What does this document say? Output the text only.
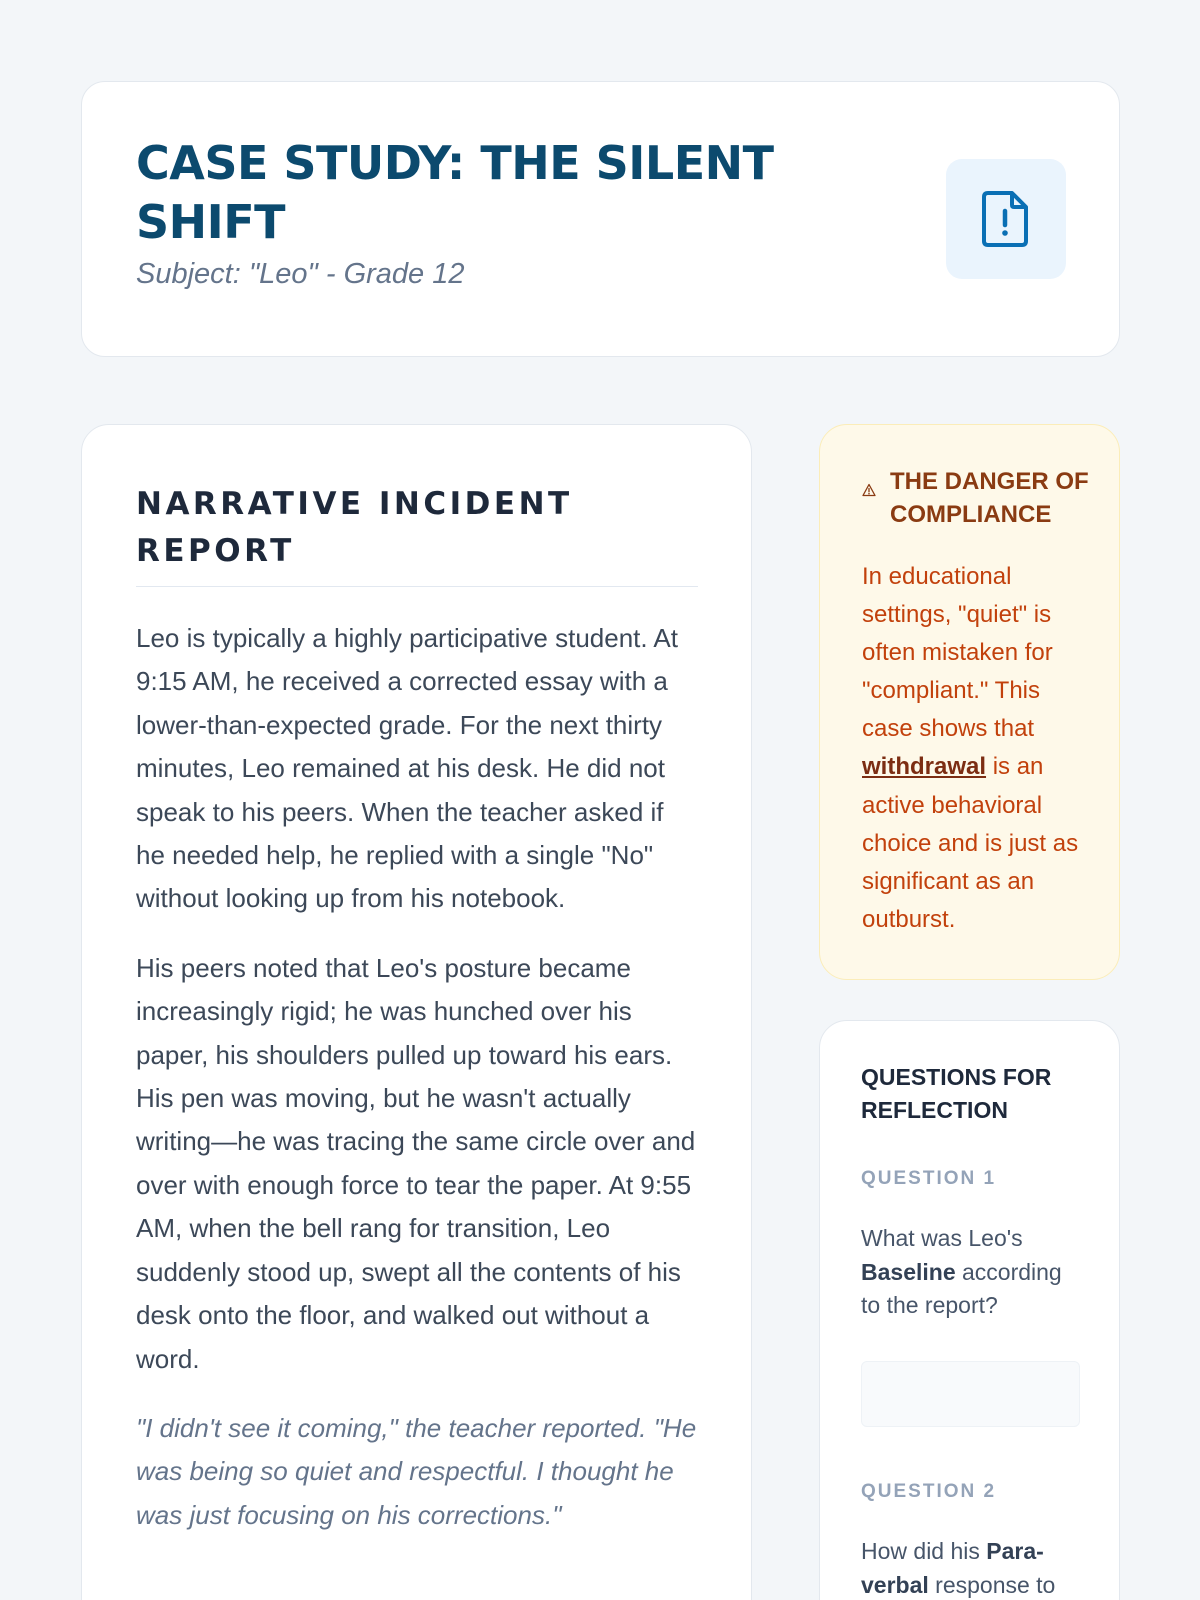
CASE STUDY: THE SILENT SHIFT
Subject: "Leo" - Grade 12
NARRATIVE INCIDENT REPORT

Leo is typically a highly participative student. At 9:15 AM, he received a corrected essay with a lower-than-expected grade. For the next thirty minutes, Leo remained at his desk. He did not speak to his peers. When the teacher asked if he needed help, he replied with a single "No" without looking up from his notebook.

His peers noted that Leo's posture became increasingly rigid; he was hunched over his paper, his shoulders pulled up toward his ears. His pen was moving, but he wasn't actually writing—he was tracing the same circle over and over with enough force to tear the paper. At 9:55 AM, when the bell rang for transition, Leo suddenly stood up, swept all the contents of his desk onto the floor, and walked out without a word.

"I didn't see it coming," the teacher reported. "He was being so quiet and respectful. I thought he was just focusing on his corrections."

THE DANGER OF COMPLIANCE
In educational settings, "quiet" is often mistaken for "compliant." This case shows that withdrawal is an active behavioral choice and is just as significant as an outburst.
QUESTIONS FOR REFLECTION
QUESTION 1
What was Leo's Baseline according to the report?
QUESTION 2
How did his Para-verbal response to
